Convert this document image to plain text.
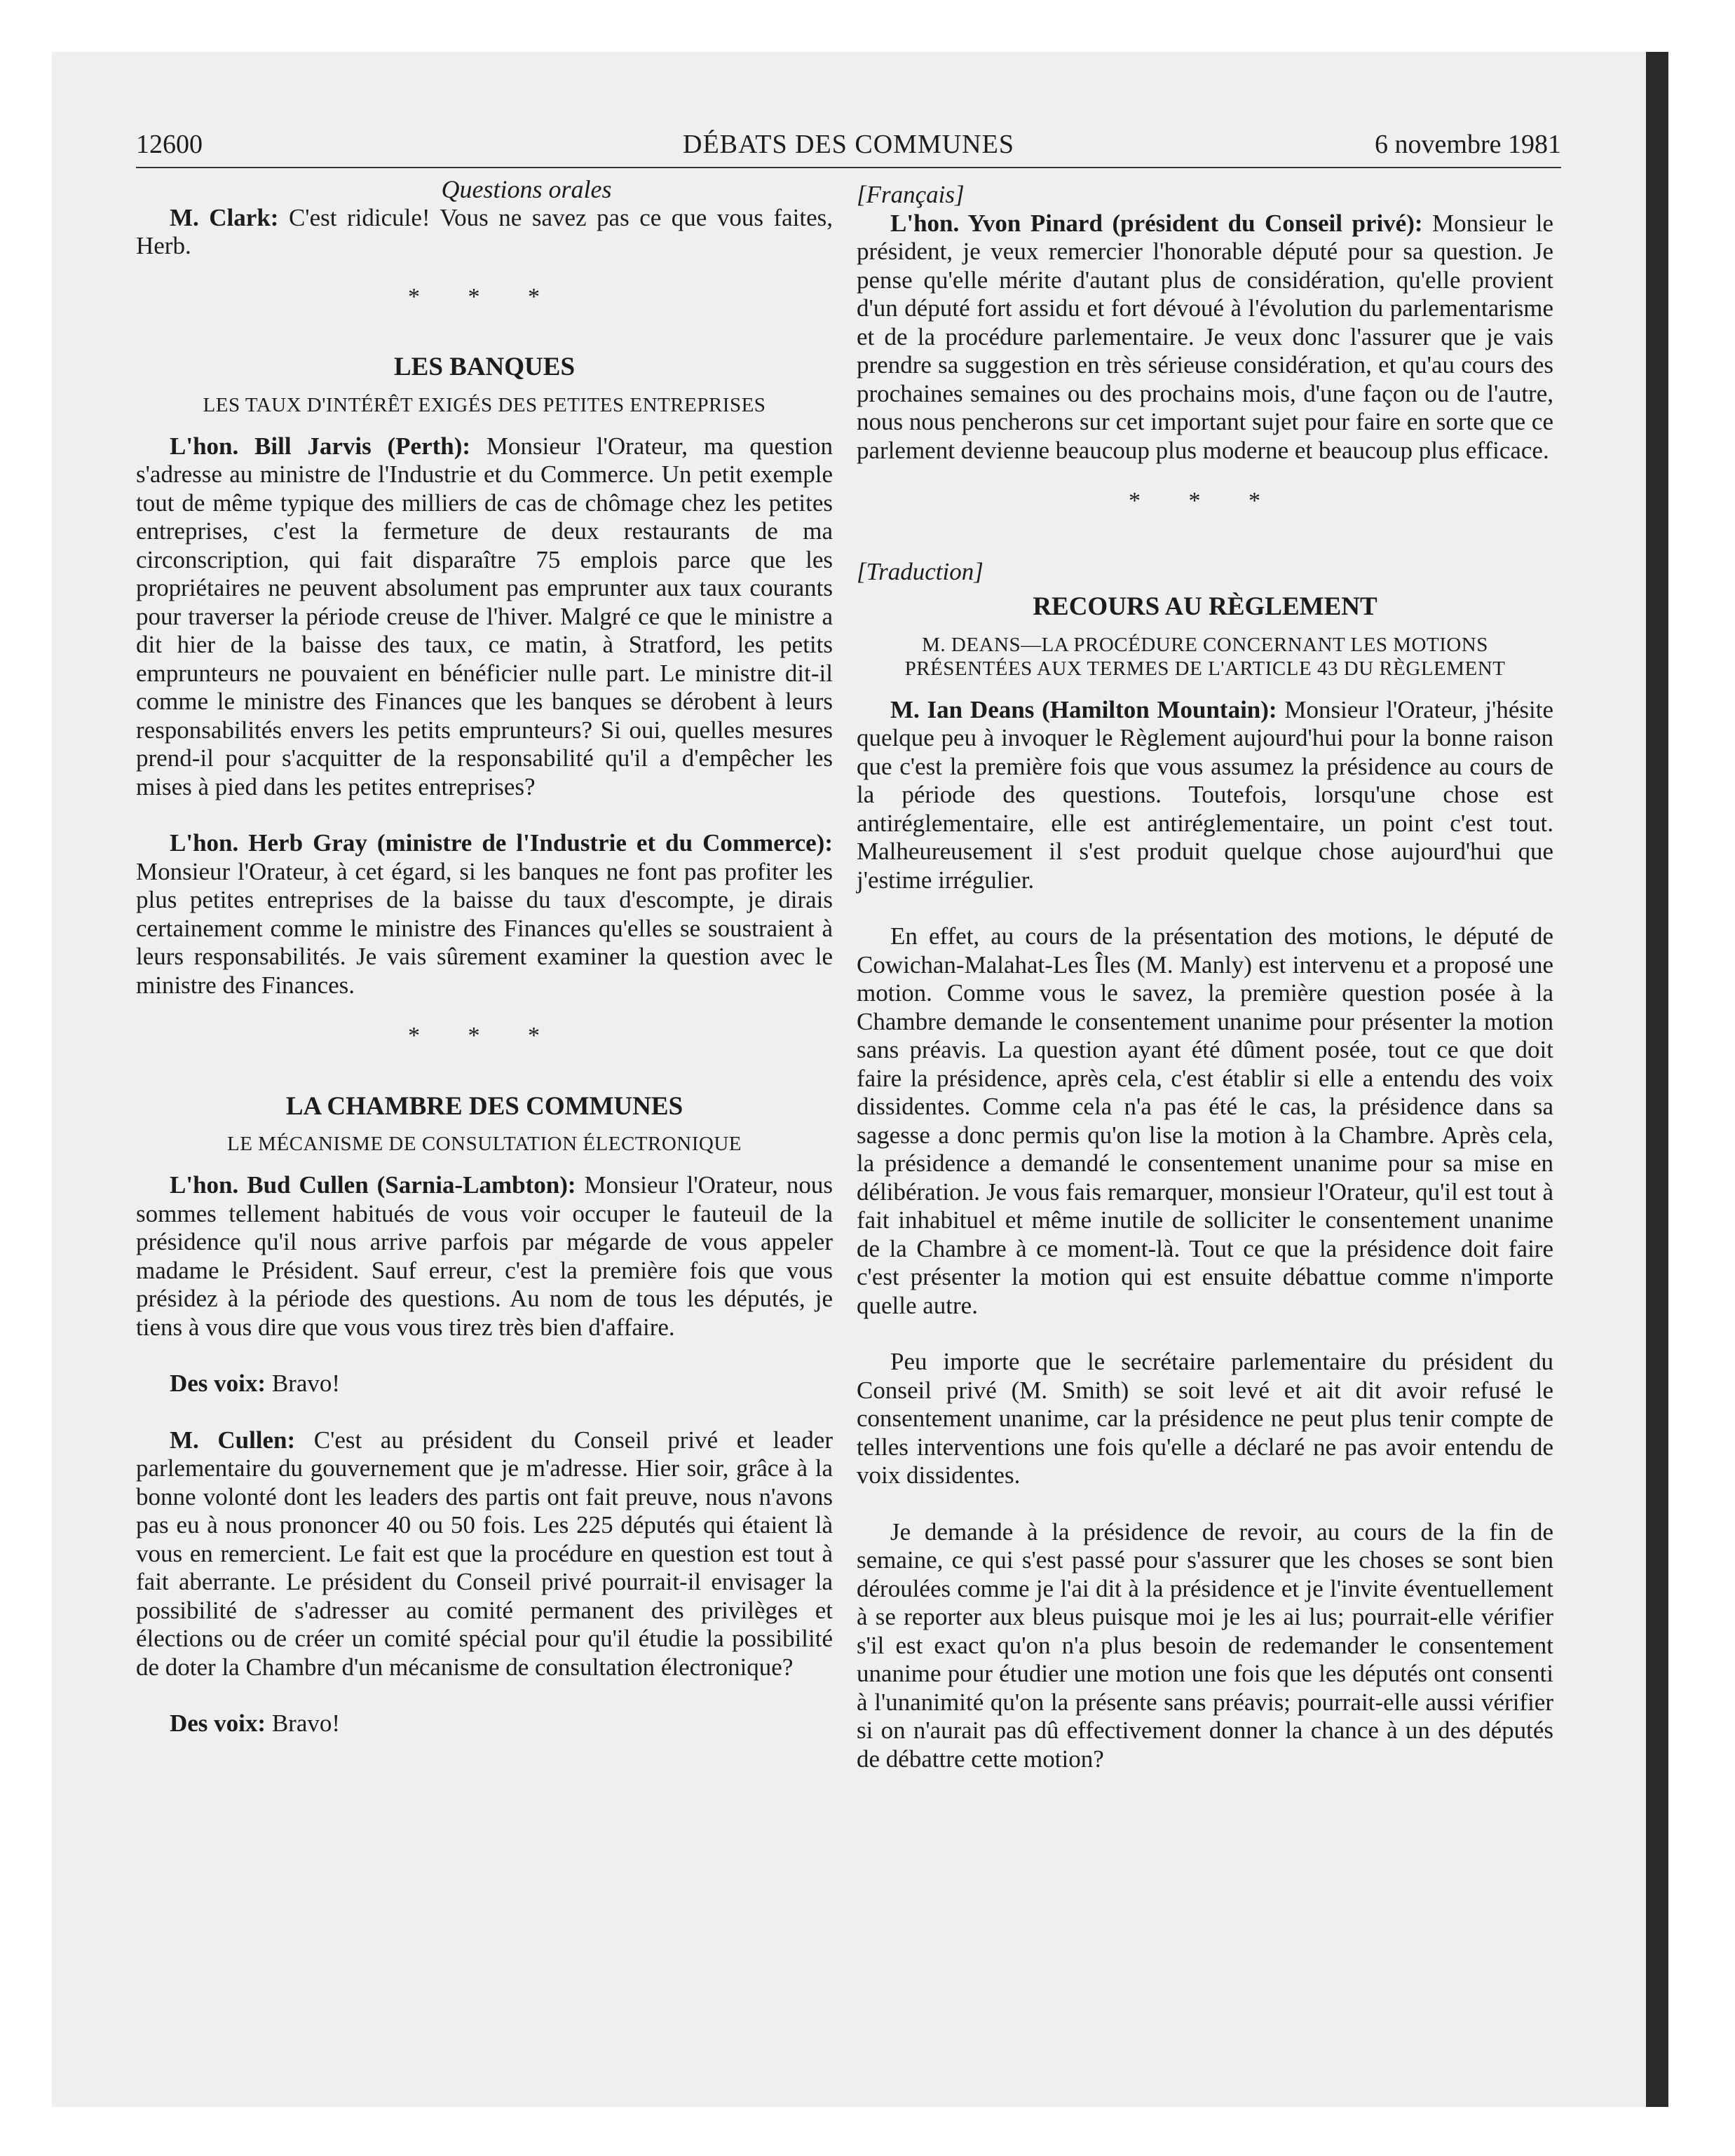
12600	DÉBATS DES COMMUNES	6 novembre 1981
Questions orales

M. Clark: C'est ridicule! Vous ne savez pas ce que vous faites, Herb.

* * *
LES BANQUES
LES TAUX D'INTÉRÊT EXIGÉS DES PETITES ENTREPRISES

L'hon. Bill Jarvis (Perth): Monsieur l'Orateur, ma question s'adresse au ministre de l'Industrie et du Commerce. Un petit exemple tout de même typique des milliers de cas de chômage chez les petites entreprises, c'est la fermeture de deux restaurants de ma circonscription, qui fait disparaître 75 emplois parce que les propriétaires ne peuvent absolument pas emprunter aux taux courants pour traverser la période creuse de l'hiver. Malgré ce que le ministre a dit hier de la baisse des taux, ce matin, à Stratford, les petits emprunteurs ne pouvaient en bénéficier nulle part. Le ministre dit-il comme le ministre des Finances que les banques se dérobent à leurs responsabilités envers les petits emprunteurs? Si oui, quelles mesures prend-il pour s'acquitter de la responsabilité qu'il a d'empêcher les mises à pied dans les petites entreprises?

L'hon. Herb Gray (ministre de l'Industrie et du Commerce): Monsieur l'Orateur, à cet égard, si les banques ne font pas profiter les plus petites entreprises de la baisse du taux d'escompte, je dirais certainement comme le ministre des Finances qu'elles se soustraient à leurs responsabilités. Je vais sûrement examiner la question avec le ministre des Finances.

* * *
LA CHAMBRE DES COMMUNES
LE MÉCANISME DE CONSULTATION ÉLECTRONIQUE

L'hon. Bud Cullen (Sarnia-Lambton): Monsieur l'Orateur, nous sommes tellement habitués de vous voir occuper le fauteuil de la présidence qu'il nous arrive parfois par mégarde de vous appeler madame le Président. Sauf erreur, c'est la première fois que vous présidez à la période des questions. Au nom de tous les députés, je tiens à vous dire que vous vous tirez très bien d'affaire.

Des voix: Bravo!

M. Cullen: C'est au président du Conseil privé et leader parlementaire du gouvernement que je m'adresse. Hier soir, grâce à la bonne volonté dont les leaders des partis ont fait preuve, nous n'avons pas eu à nous prononcer 40 ou 50 fois. Les 225 députés qui étaient là vous en remercient. Le fait est que la procédure en question est tout à fait aberrante. Le président du Conseil privé pourrait-il envisager la possibilité de s'adresser au comité permanent des privilèges et élections ou de créer un comité spécial pour qu'il étudie la possibilité de doter la Chambre d'un mécanisme de consultation électronique?

Des voix: Bravo!

[Français]

L'hon. Yvon Pinard (président du Conseil privé): Monsieur le président, je veux remercier l'honorable député pour sa question. Je pense qu'elle mérite d'autant plus de considération, qu'elle provient d'un député fort assidu et fort dévoué à l'évolution du parlementarisme et de la procédure parlementaire. Je veux donc l'assurer que je vais prendre sa suggestion en très sérieuse considération, et qu'au cours des prochaines semaines ou des prochains mois, d'une façon ou de l'autre, nous nous pencherons sur cet important sujet pour faire en sorte que ce parlement devienne beaucoup plus moderne et beaucoup plus efficace.

* * *

[Traduction]

RECOURS AU RÈGLEMENT
M. DEANS—LA PROCÉDURE CONCERNANT LES MOTIONS PRÉSENTÉES AUX TERMES DE L'ARTICLE 43 DU RÈGLEMENT

M. Ian Deans (Hamilton Mountain): Monsieur l'Orateur, j'hésite quelque peu à invoquer le Règlement aujourd'hui pour la bonne raison que c'est la première fois que vous assumez la présidence au cours de la période des questions. Toutefois, lorsqu'une chose est antiréglementaire, elle est antiréglementaire, un point c'est tout. Malheureusement il s'est produit quelque chose aujourd'hui que j'estime irrégulier.

En effet, au cours de la présentation des motions, le député de Cowichan-Malahat-Les Îles (M. Manly) est intervenu et a proposé une motion. Comme vous le savez, la première question posée à la Chambre demande le consentement unanime pour présenter la motion sans préavis. La question ayant été dûment posée, tout ce que doit faire la présidence, après cela, c'est établir si elle a entendu des voix dissidentes. Comme cela n'a pas été le cas, la présidence dans sa sagesse a donc permis qu'on lise la motion à la Chambre. Après cela, la présidence a demandé le consentement unanime pour sa mise en délibération. Je vous fais remarquer, monsieur l'Orateur, qu'il est tout à fait inhabituel et même inutile de solliciter le consentement unanime de la Chambre à ce moment-là. Tout ce que la présidence doit faire c'est présenter la motion qui est ensuite débattue comme n'importe quelle autre.

Peu importe que le secrétaire parlementaire du président du Conseil privé (M. Smith) se soit levé et ait dit avoir refusé le consentement unanime, car la présidence ne peut plus tenir compte de telles interventions une fois qu'elle a déclaré ne pas avoir entendu de voix dissidentes.

Je demande à la présidence de revoir, au cours de la fin de semaine, ce qui s'est passé pour s'assurer que les choses se sont bien déroulées comme je l'ai dit à la présidence et je l'invite éventuellement à se reporter aux bleus puisque moi je les ai lus; pourrait-elle vérifier s'il est exact qu'on n'a plus besoin de redemander le consentement unanime pour étudier une motion une fois que les députés ont consenti à l'unanimité qu'on la présente sans préavis; pourrait-elle aussi vérifier si on n'aurait pas dû effectivement donner la chance à un des députés de débattre cette motion?
